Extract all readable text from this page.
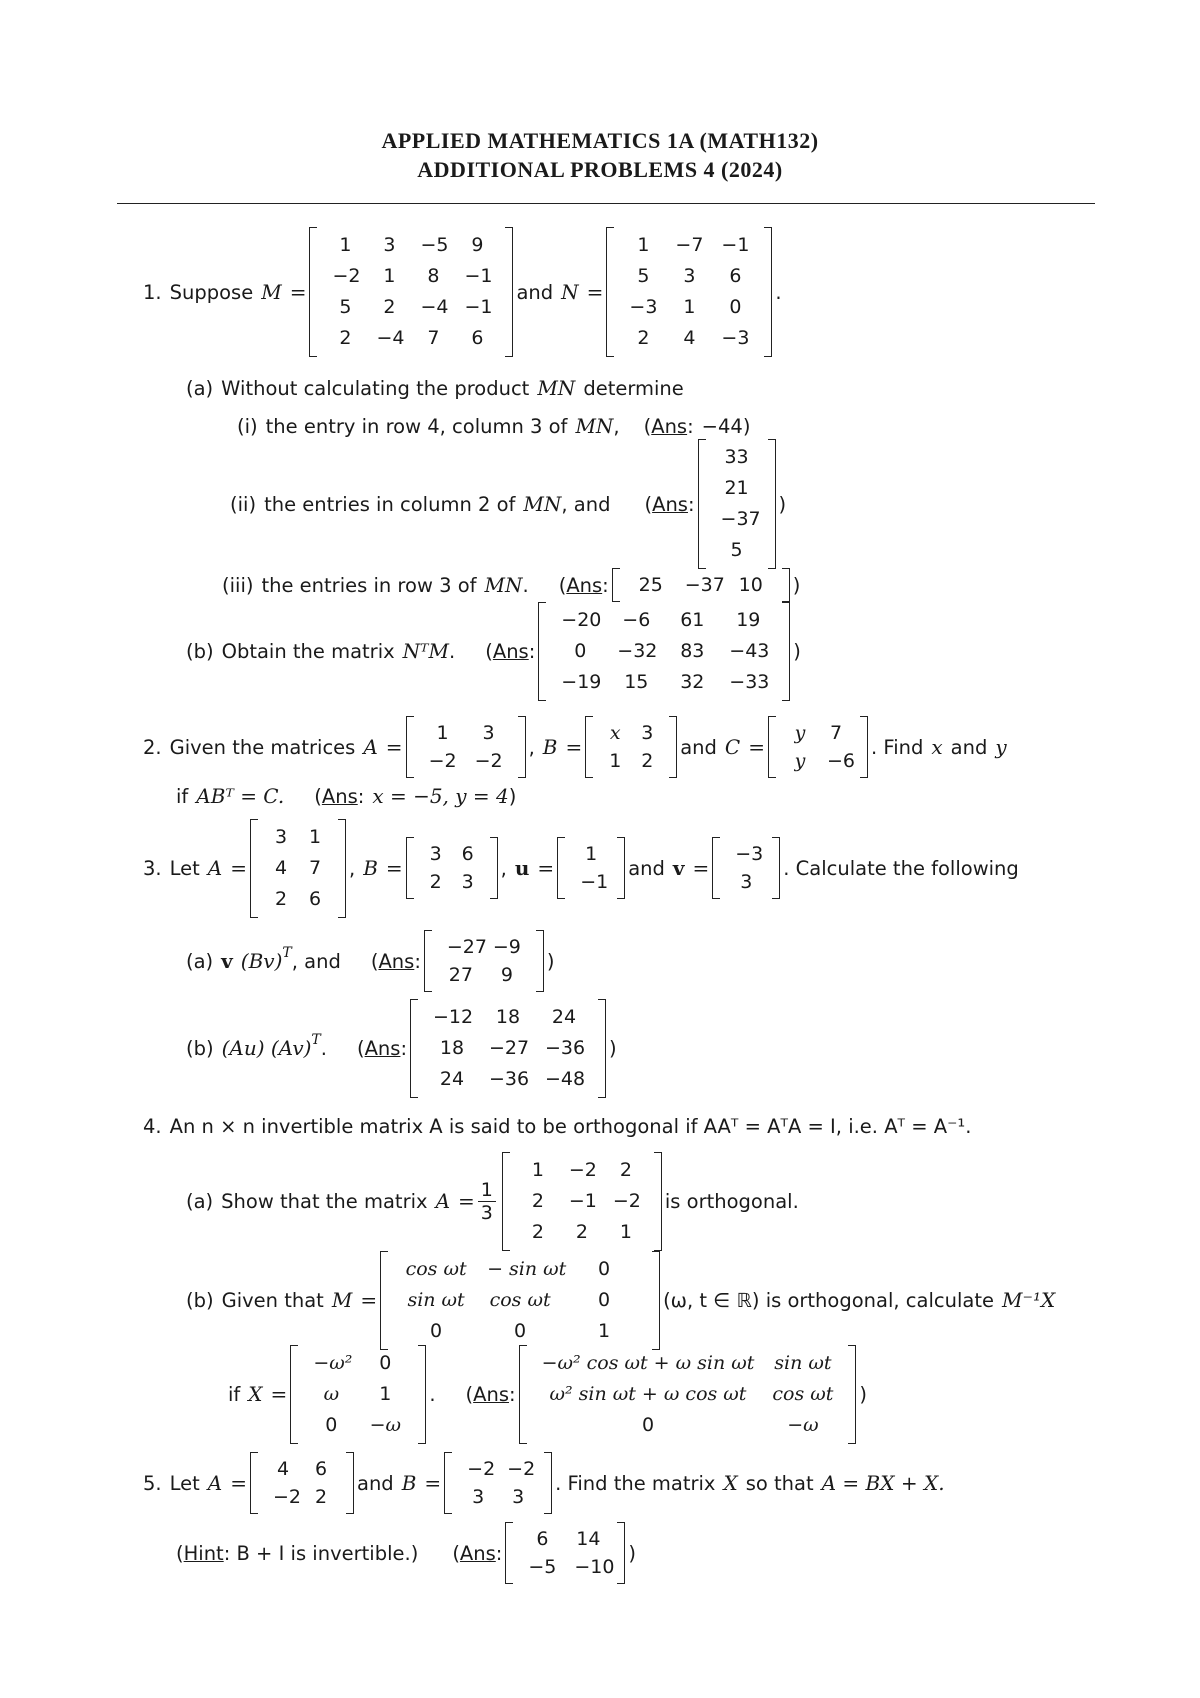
APPLIED MATHEMATICS 1A (MATH132)
ADDITIONAL PROBLEMS 4 (2024)
1. Suppose M =
1	3	−5	9
−2	1	8	−1
5	2	−4 −1
2	−4	7	6
and N =
1	−7 −1
5	3	6
−3	1	0
2	4	−3
.
(a) Without calculating the product MN determine
(i) the entry in row 4, column 3 of MN , ( Ans : −44 )
(ii) the entries in column 2 of MN , and ( Ans :
33
21
−37
5
)
(iii) the entries in row 3 of MN . ( Ans :	25	−37 10	)
(b) Obtain the matrix NᵀM . ( Ans :
−20	−6	61	19
0	−32	83	−43
−19	15	32	−33
)
2. Given the matrices A =
1	3
−2 −2
, B =
x	3
1	2
and C =
y	7
y	−6
. Find x and y
if ABᵀ = C. ( Ans : x = −5, y = 4 )
3. Let A =
3	1
4	7
2	6
, B =
3	6
2	3
, u =
1
−1
and v =
−3
3
. Calculate the following
(a) v $(Bv)^T$ , and ( Ans :
−27 −9
27	9
)
(b) (Au) $(Av)^T$ . ( Ans :
−12	18	24
18	−27 −36
24	−36 −48
)
4. An n × n invertible matrix A is said to be orthogonal if AAᵀ = AᵀA = I, i.e. Aᵀ = A⁻¹.
(a) Show that the matrix $A = \frac{1}{3}$
1	−2	2
2	−1 −2
2	2	1
is orthogonal.
(b) Given that M =
cos ωt	− sin ωt	0
sin ωt	cos ωt	0
0	0	1
(ω, t ∈ ℝ) is orthogonal, calculate M⁻¹X
if X =
−ω²	0
ω	1
0	−ω
. ( Ans :
−ω² cos ωt + ω sin ωt	sin ωt
ω² sin ωt + ω cos ωt	cos ωt
0	−ω
)
5. Let A =
4	6
−2 2
and B =
−2 −2
3	3
. Find the matrix X so that A = BX + X.
( Hint : B + I is invertible.) ( Ans :
6	14
−5 −10
)
